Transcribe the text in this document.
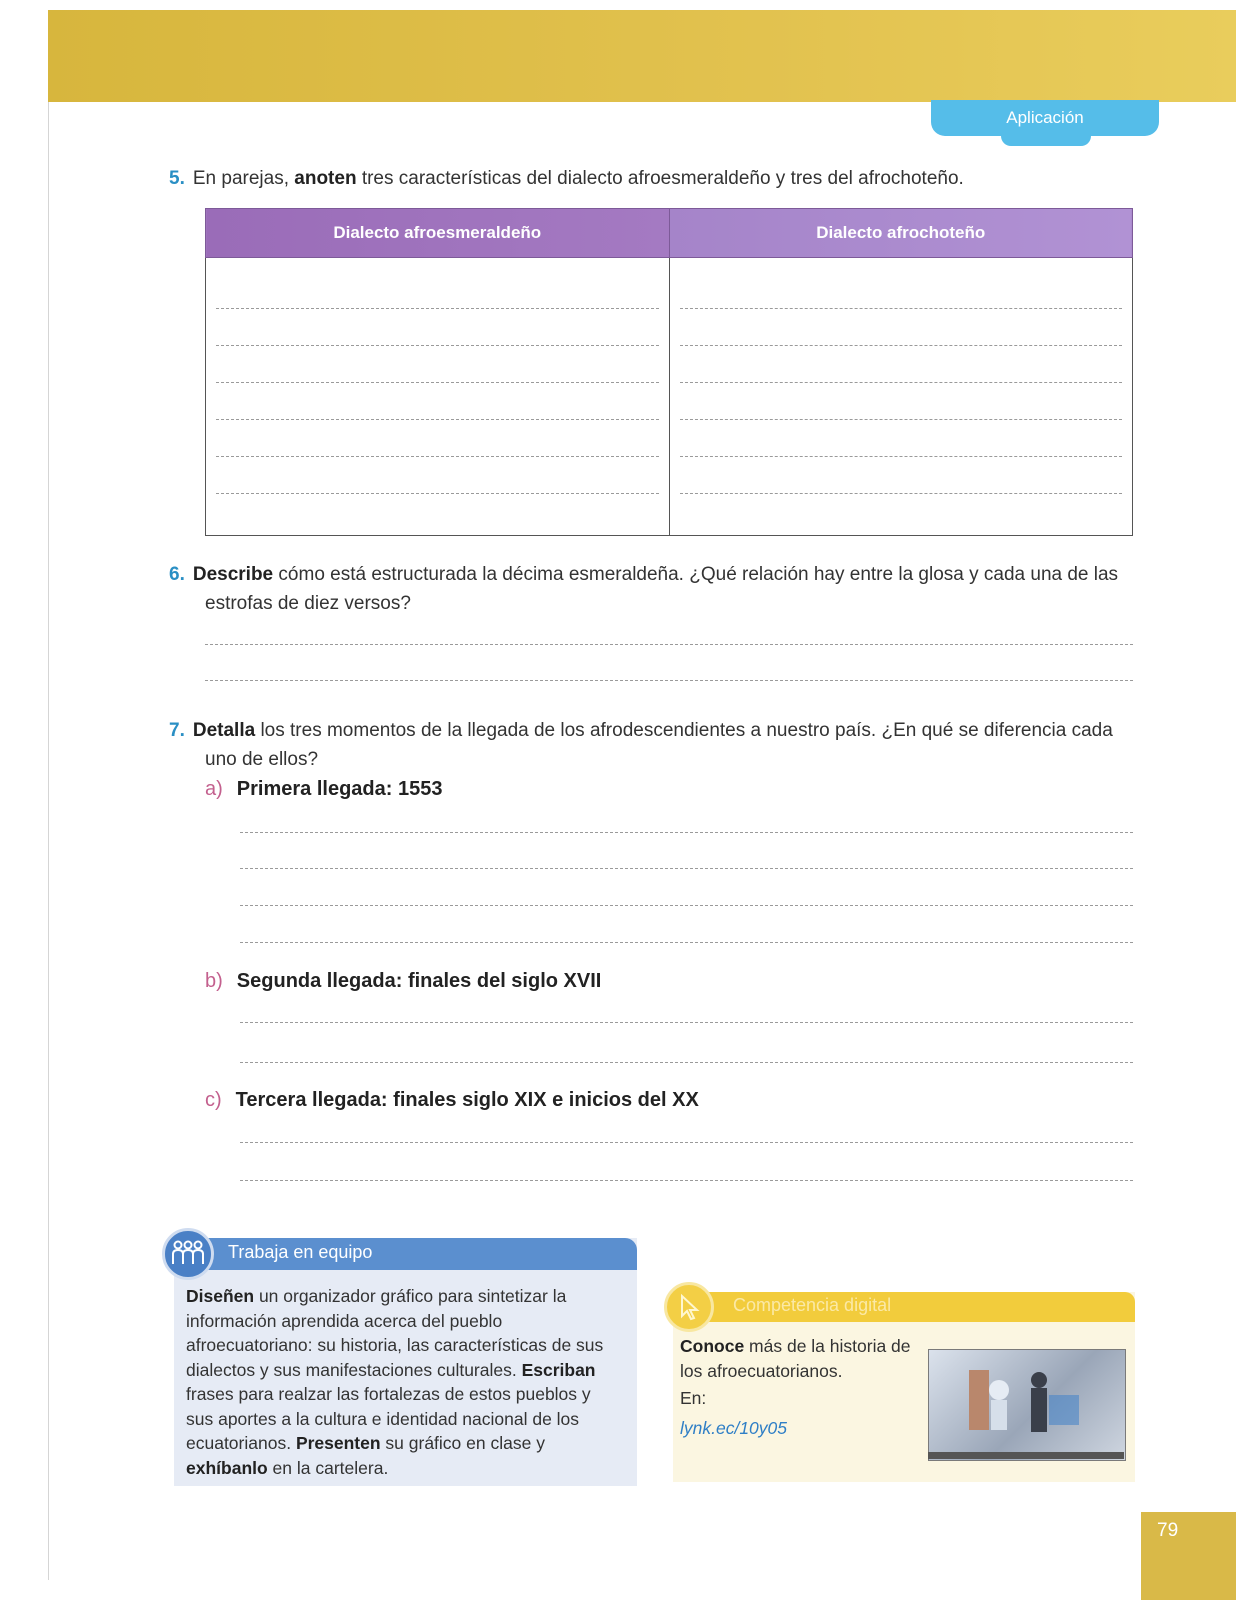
Aplicación
5. En parejas, anoten tres características del dialecto afroesmeraldeño y tres del afrochoteño.
Dialecto afroesmeraldeño	Dialecto afrochoteño

6. Describe cómo está estructurada la décima esmeraldeña. ¿Qué relación hay entre la glosa y cada una de las
estrofas de diez versos?
7. Detalla los tres momentos de la llegada de los afrodescendientes a nuestro país. ¿En qué se diferencia cada
uno de ellos?
a) Primera llegada: 1553
b) Segunda llegada: finales del siglo XVII
c) Tercera llegada: finales siglo XIX e inicios del XX
Trabaja en equipo
Diseñen un organizador gráfico para sintetizar la información aprendida acerca del pueblo afroecuatoriano: su historia, las características de sus dialectos y sus manifestaciones culturales. Escriban frases para realzar las fortalezas de estos pueblos y sus aportes a la cultura e identidad nacional de los ecuatorianos. Presenten su gráfico en clase y exhíbanlo en la cartelera.
Competencia digital
Conoce más de la historia de los afroecuatorianos.
En:
lynk.ec/10y05
79
